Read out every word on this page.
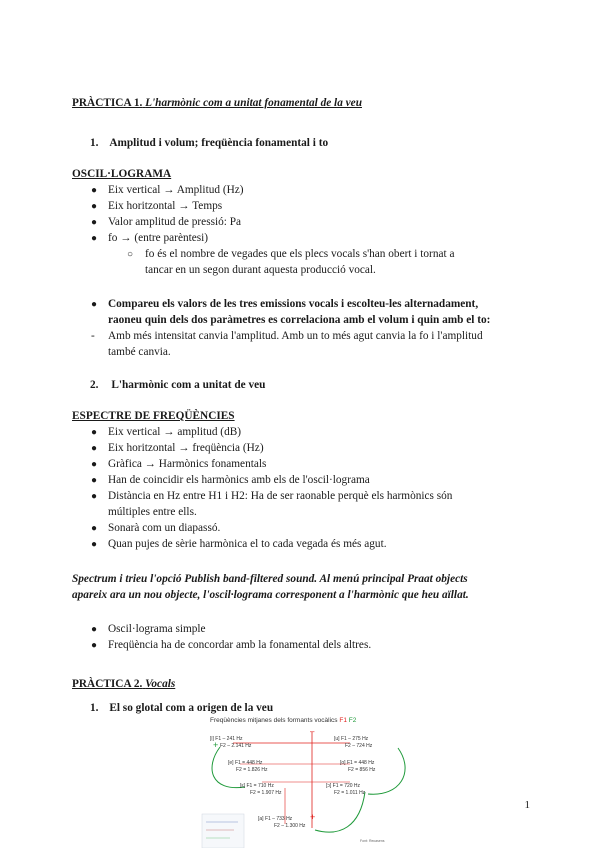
PRÀCTICA 1. L'harmònic com a unitat fonamental de la veu
1. Amplitud i volum; freqüència fonamental i to
OSCIL·LOGRAMA
● Eix vertical → Amplitud (Hz)
● Eix horitzontal → Temps
● Valor amplitud de pressió: Pa
● fo → (entre parèntesi)
○ fo és el nombre de vegades que els plecs vocals s'han obert i tornat a
tancar en un segon durant aquesta producció vocal.
● Compareu els valors de les tres emissions vocals i escolteu-les alternadament,
raoneu quin dels dos paràmetres es correlaciona amb el volum i quin amb el to:
- Amb més intensitat canvia l'amplitud. Amb un to més agut canvia la fo i l'amplitud
també canvia.
2. L'harmònic com a unitat de veu
ESPECTRE DE FREQÜÈNCIES
● Eix vertical → amplitud (dB)
● Eix horitzontal → freqüència (Hz)
● Gràfica → Harmònics fonamentals
● Han de coincidir els harmònics amb els de l'oscil·lograma
● Distància en Hz entre H1 i H2: Ha de ser raonable perquè els harmònics són
múltiples entre ells.
● Sonarà com un diapassó.
● Quan pujes de sèrie harmònica el to cada vegada és més agut.
Spectrum i trieu l'opció Publish band-filtered sound. Al menú principal Praat objects
apareix ara un nou objecte, l'oscil·lograma corresponent a l'harmònic que heu aïllat.
● Oscil·lograma simple
● Freqüència ha de concordar amb la fonamental dels altres.
PRÀCTICA 2. Vocals
1. El so glotal com a origen de la veu
Freqüències mitjanes dels formants vocàlics F1 F2
[i] F1 – 241 Hz
F2 – 2.141 Hz
[u] F1 – 275 Hz
F2 – 724 Hz
[e] F1 = 448 Hz
F2 = 1.826 Hz
[o] F1 = 448 Hz
F2 = 856 Hz
[ɛ] F1 = 710 Hz
F2 = 1.907 Hz
[ɔ] F1 = 720 Hz
F2 = 1.011 Hz
[a] F1 – 733 Hz
F2 – 1.300 Hz
+
–
+
Font: Recasens
1
